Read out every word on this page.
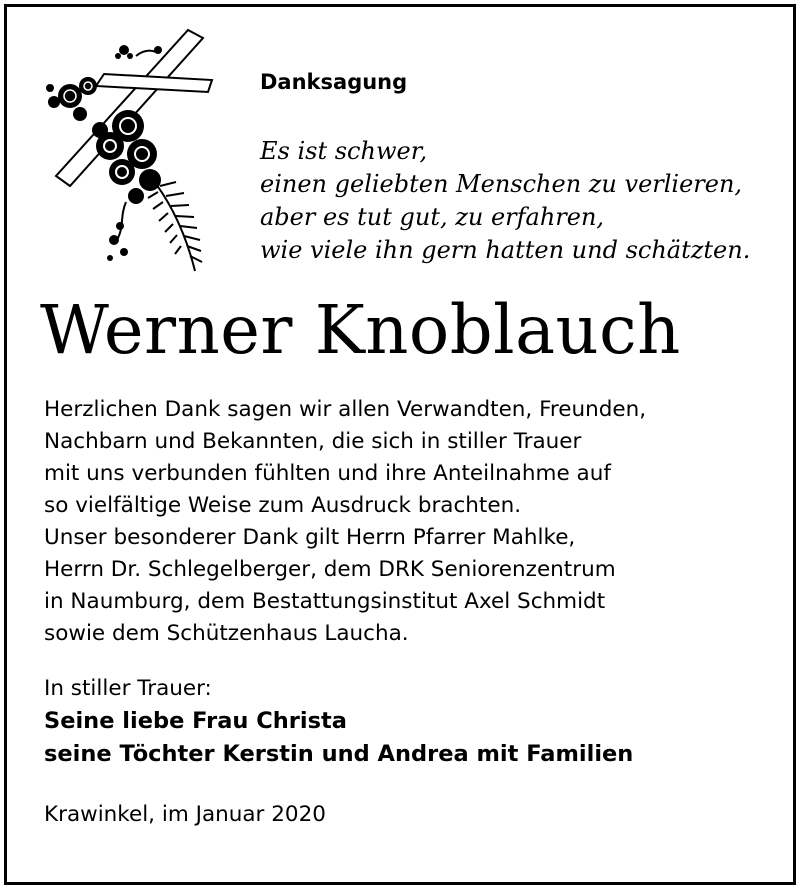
Danksagung
Es ist schwer,
einen geliebten Menschen zu verlieren,
aber es tut gut, zu erfahren,
wie viele ihn gern hatten und schätzten.
Werner Knoblauch
Herzlichen Dank sagen wir allen Verwandten, Freunden,
Nachbarn und Bekannten, die sich in stiller Trauer
mit uns verbunden fühlten und ihre Anteilnahme auf
so vielfältige Weise zum Ausdruck brachten.
Unser besonderer Dank gilt Herrn Pfarrer Mahlke,
Herrn Dr. Schlegelberger, dem DRK Seniorenzentrum
in Naumburg, dem Bestattungsinstitut Axel Schmidt
sowie dem Schützenhaus Laucha.
In stiller Trauer:
Seine liebe Frau Christa
seine Töchter Kerstin und Andrea mit Familien
Krawinkel, im Januar 2020
